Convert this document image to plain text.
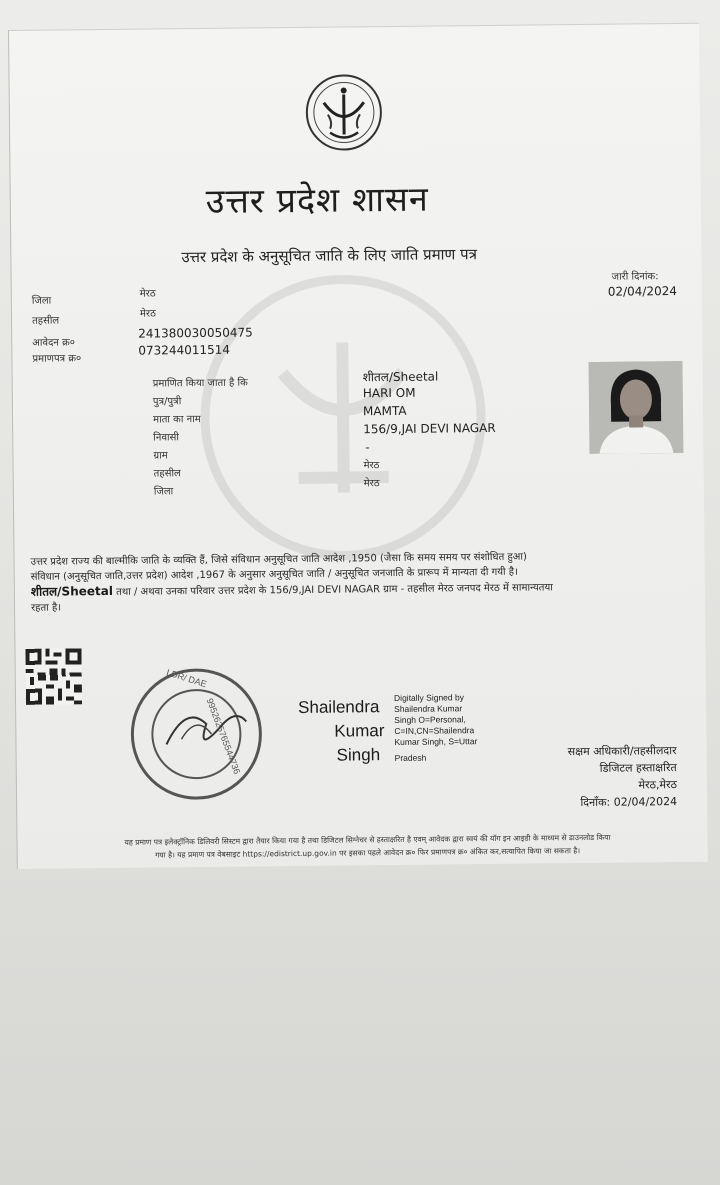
उत्तर प्रदेश शासन
उत्तर प्रदेश के अनुसूचित जाति के लिए जाति प्रमाण पत्र
जारी दिनांक:
02/04/2024
जिला
मेरठ
तहसील
मेरठ
आवेदन क्र०
241380030050475
प्रमाणपत्र क्र०
073244011514
प्रमाणित किया जाता है कि	शीतल/Sheetal
पुत्र/पुत्री
HARI OM
माता का नाम
MAMTA
निवासी
156/9,JAI DEVI NAGAR
ग्राम
-
तहसील
मेरठ
जिला
मेरठ
उत्तर प्रदेश राज्य की बाल्मीकि जाति के व्यक्ति हैं, जिसे संविधान अनुसूचित जाति आदेश ,1950 (जैसा कि समय समय पर संशोधित हुआ)
संविधान (अनुसूचित जाति,उत्तर प्रदेश) आदेश ,1967 के अनुसार अनुसूचित जाति / अनुसूचित जनजाति के प्रारूप में मान्यता दी गयी है।
शीतल/Sheetal तथा / अथवा उनका परिवार उत्तर प्रदेश के 156/9,JAI DEVI NAGAR ग्राम - तहसील मेरठ जनपद मेरठ में सामान्यतया
रहता है।
9952625765544736
LDR/ DAE
Shailendra
Kumar
Singh
Digitally Signed by
Shailendra Kumar
Singh O=Personal,
C=IN,CN=Shailendra
Kumar Singh, S=Uttar
Pradesh	सक्षम अधिकारी/तहसीलदार
डिजिटल हस्ताक्षरित
मेरठ,मेरठ
दिनाँक: 02/04/2024
यह प्रमाण पत्र इलेक्ट्रॉनिक डिलिवरी सिस्टम द्वारा तैयार किया गया है तथा डिजिटल सिग्नेचर से हस्ताक्षरित है एवम् आवेदक द्वारा स्वयं की यॉग इन आइडी के माध्यम से डाउनलोड किया
गया है। यह प्रमाण पत्र वेबसाइट https://edistrict.up.gov.in पर इसका पहले आवेदन क्र० फिर प्रमाणपत्र क्र० अंकित कर,सत्यापित किया जा सकता है।
